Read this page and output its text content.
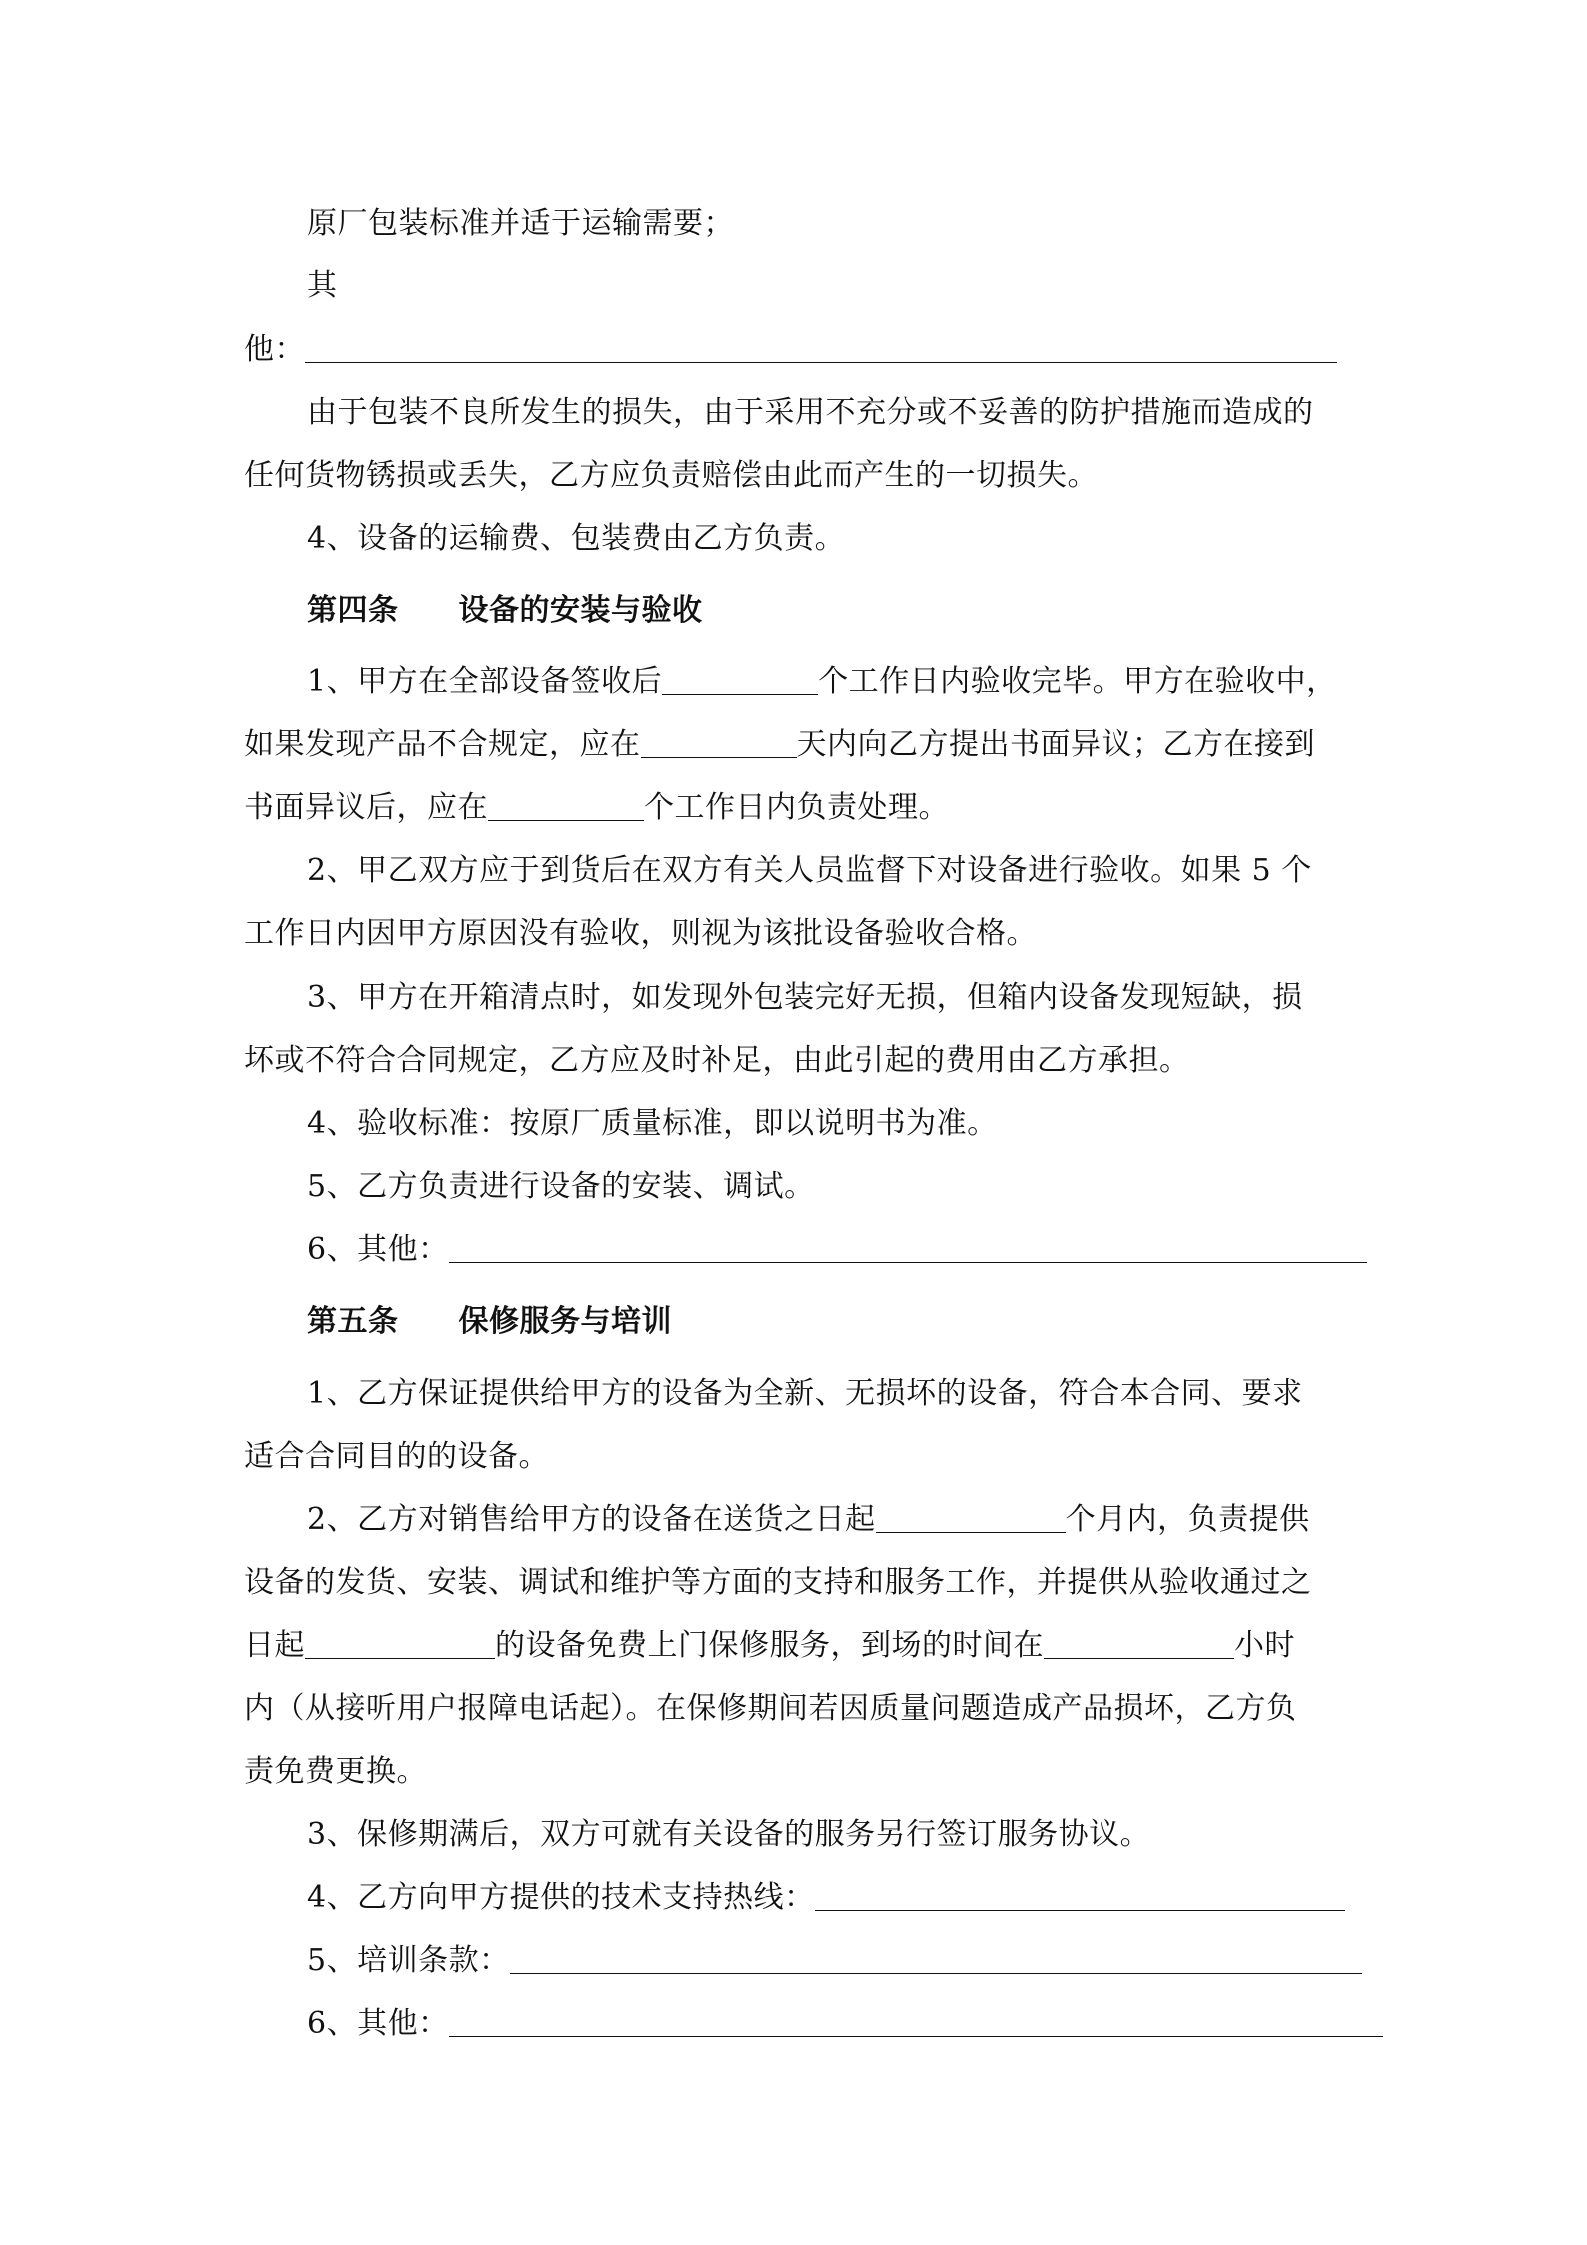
原厂包装标准并适于运输需要；
其
他：
由于包装不良所发生的损失，由于采用不充分或不妥善的防护措施而造成的
任何货物锈损或丢失，乙方应负责赔偿由此而产生的一切损失。
4、设备的运输费、包装费由乙方负责。
第四条 设备的安装与验收
1、甲方在全部设备签收后	个工作日内验收完毕。甲方在验收中，
如果发现产品不合规定，应在	天内向乙方提出书面异议；乙方在接到
书面异议后，应在	个工作日内负责处理。
2、甲乙双方应于到货后在双方有关人员监督下对设备进行验收。如果 5 个
工作日内因甲方原因没有验收，则视为该批设备验收合格。
3、甲方在开箱清点时，如发现外包装完好无损，但箱内设备发现短缺，损
坏或不符合合同规定，乙方应及时补足，由此引起的费用由乙方承担。
4、验收标准：按原厂质量标准，即以说明书为准。
5、乙方负责进行设备的安装、调试。
6、其他：
第五条 保修服务与培训
1、乙方保证提供给甲方的设备为全新、无损坏的设备，符合本合同、要求
适合合同目的的设备。
2、乙方对销售给甲方的设备在送货之日起	个月内，负责提供
设备的发货、安装、调试和维护等方面的支持和服务工作，并提供从验收通过之
日起	的设备免费上门保修服务，到场的时间在	小时
内（从接听用户报障电话起）。在保修期间若因质量问题造成产品损坏，乙方负
责免费更换。
3、保修期满后，双方可就有关设备的服务另行签订服务协议。
4、乙方向甲方提供的技术支持热线：
5、培训条款：
6、其他：
